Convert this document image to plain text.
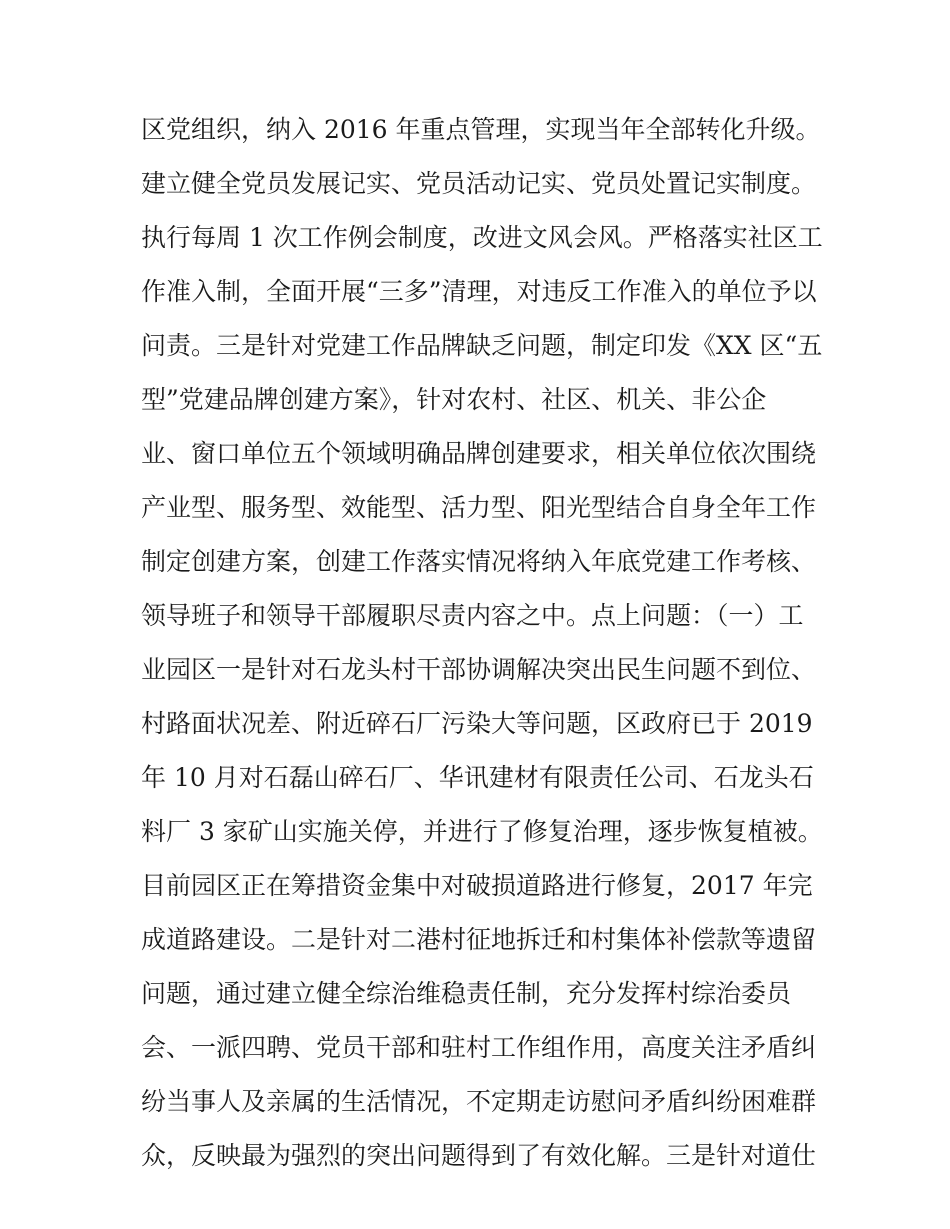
区党组织，纳入 2016 年重点管理，实现当年全部转化升级。
建立健全党员发展记实、党员活动记实、党员处置记实制度。
执行每周 1 次工作例会制度，改进文风会风。严格落实社区工
作准入制，全面开展“三多”清理，对违反工作准入的单位予以
问责。三是针对党建工作品牌缺乏问题，制定印发《XX 区“五
型”党建品牌创建方案》，针对农村、社区、机关、非公企
业、窗口单位五个领域明确品牌创建要求，相关单位依次围绕
产业型、服务型、效能型、活力型、阳光型结合自身全年工作
制定创建方案，创建工作落实情况将纳入年底党建工作考核、
领导班子和领导干部履职尽责内容之中。点上问题：（一）工
业园区一是针对石龙头村干部协调解决突出民生问题不到位、
村路面状况差、附近碎石厂污染大等问题，区政府已于 2019
年 10 月对石磊山碎石厂、华讯建材有限责任公司、石龙头石
料厂 3 家矿山实施关停，并进行了修复治理，逐步恢复植被。
目前园区正在筹措资金集中对破损道路进行修复，2017 年完
成道路建设。二是针对二港村征地拆迁和村集体补偿款等遗留
问题，通过建立健全综治维稳责任制，充分发挥村综治委员
会、一派四聘、党员干部和驻村工作组作用，高度关注矛盾纠
纷当事人及亲属的生活情况，不定期走访慰问矛盾纠纷困难群
众，反映最为强烈的突出问题得到了有效化解。三是针对道仕
